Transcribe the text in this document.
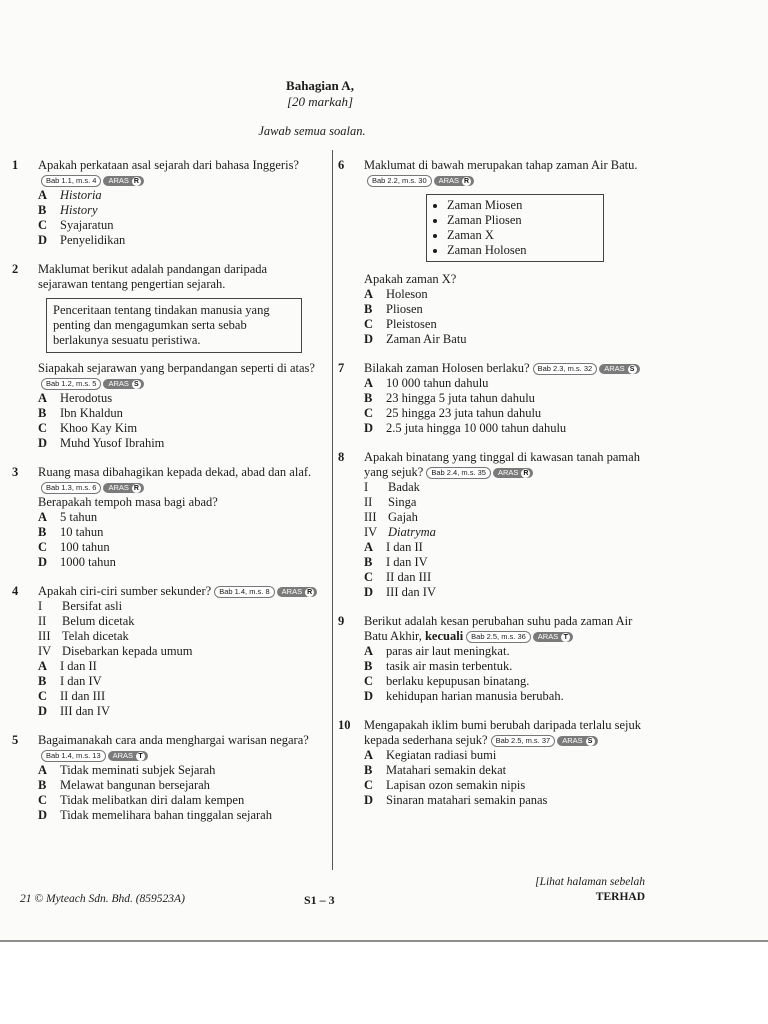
Bahagian A,
[20 markah]
Jawab semua soalan.
1 Apakah perkataan asal sejarah dari bahasa Inggeris?
Bab 1.1, m.s. 4	ARAS R

A	Historia
B	History
C	Syajaratun
D	Penyelidikan
2 Maklumat berikut adalah pandangan daripada sejarawan tentang pengertian sejarah.

Penceritaan tentang tindakan manusia yang penting dan mengagumkan serta sebab berlakunya sesuatu peristiwa.

Siapakah sejarawan yang berpandangan seperti di atas?
Bab 1.2, m.s. 5	ARAS S

A	Herodotus
B	Ibn Khaldun
C	Khoo Kay Kim
D	Muhd Yusof Ibrahim
3 Ruang masa dibahagikan kepada dekad, abad dan alaf.
Bab 1.3, m.s. 6	ARAS R

Berapakah tempoh masa bagi abad?

A	5 tahun
B	10 tahun
C	100 tahun
D	1000 tahun
4 Apakah ciri-ciri sumber sekunder?	Bab 1.4, m.s. 8	ARAS R

I	Bersifat asli
II	Belum dicetak
III Telah dicetak
IV Disebarkan kepada umum
A	I dan II
B	I dan IV
C	II dan III
D	III dan IV
5 Bagaimanakah cara anda menghargai warisan negara?
Bab 1.4, m.s. 13	ARAS T

A	Tidak meminati subjek Sejarah
B	Melawat bangunan bersejarah
C	Tidak melibatkan diri dalam kempen
D	Tidak memelihara bahan tinggalan sejarah
6 Maklumat di bawah merupakan tahap zaman Air Batu.
Bab 2.2, m.s. 30	ARAS R

• Zaman Miosen
• Zaman Pliosen
• Zaman X
• Zaman Holosen

Apakah zaman X?

A	Holeson
B	Pliosen
C	Pleistosen
D	Zaman Air Batu
7 Bilakah zaman Holosen berlaku?	Bab 2.3, m.s. 32	ARAS S

A	10 000 tahun dahulu
B	23 hingga 5 juta tahun dahulu
C	25 hingga 23 juta tahun dahulu
D	2.5 juta hingga 10 000 tahun dahulu
8 Apakah binatang yang tinggal di kawasan tanah pamah yang sejuk?	Bab 2.4, m.s. 35	ARAS R

I	Badak
II	Singa
III Gajah
IV Diatryma
A	I dan II
B	I dan IV
C	II dan III
D	III dan IV
9 Berikut adalah kesan perubahan suhu pada zaman Air Batu Akhir, kecuali	Bab 2.5, m.s. 36	ARAS T

A	paras air laut meningkat.
B	tasik air masin terbentuk.
C	berlaku kepupusan binatang.
D	kehidupan harian manusia berubah.
10 Mengapakah iklim bumi berubah daripada terlalu sejuk kepada sederhana sejuk?	Bab 2.5, m.s. 37	ARAS S

A	Kegiatan radiasi bumi
B	Matahari semakin dekat
C	Lapisan ozon semakin nipis
D	Sinaran matahari semakin panas
21 © Myteach Sdn. Bhd. (859523A)	S1 – 3
[Lihat halaman sebelah
TERHAD
